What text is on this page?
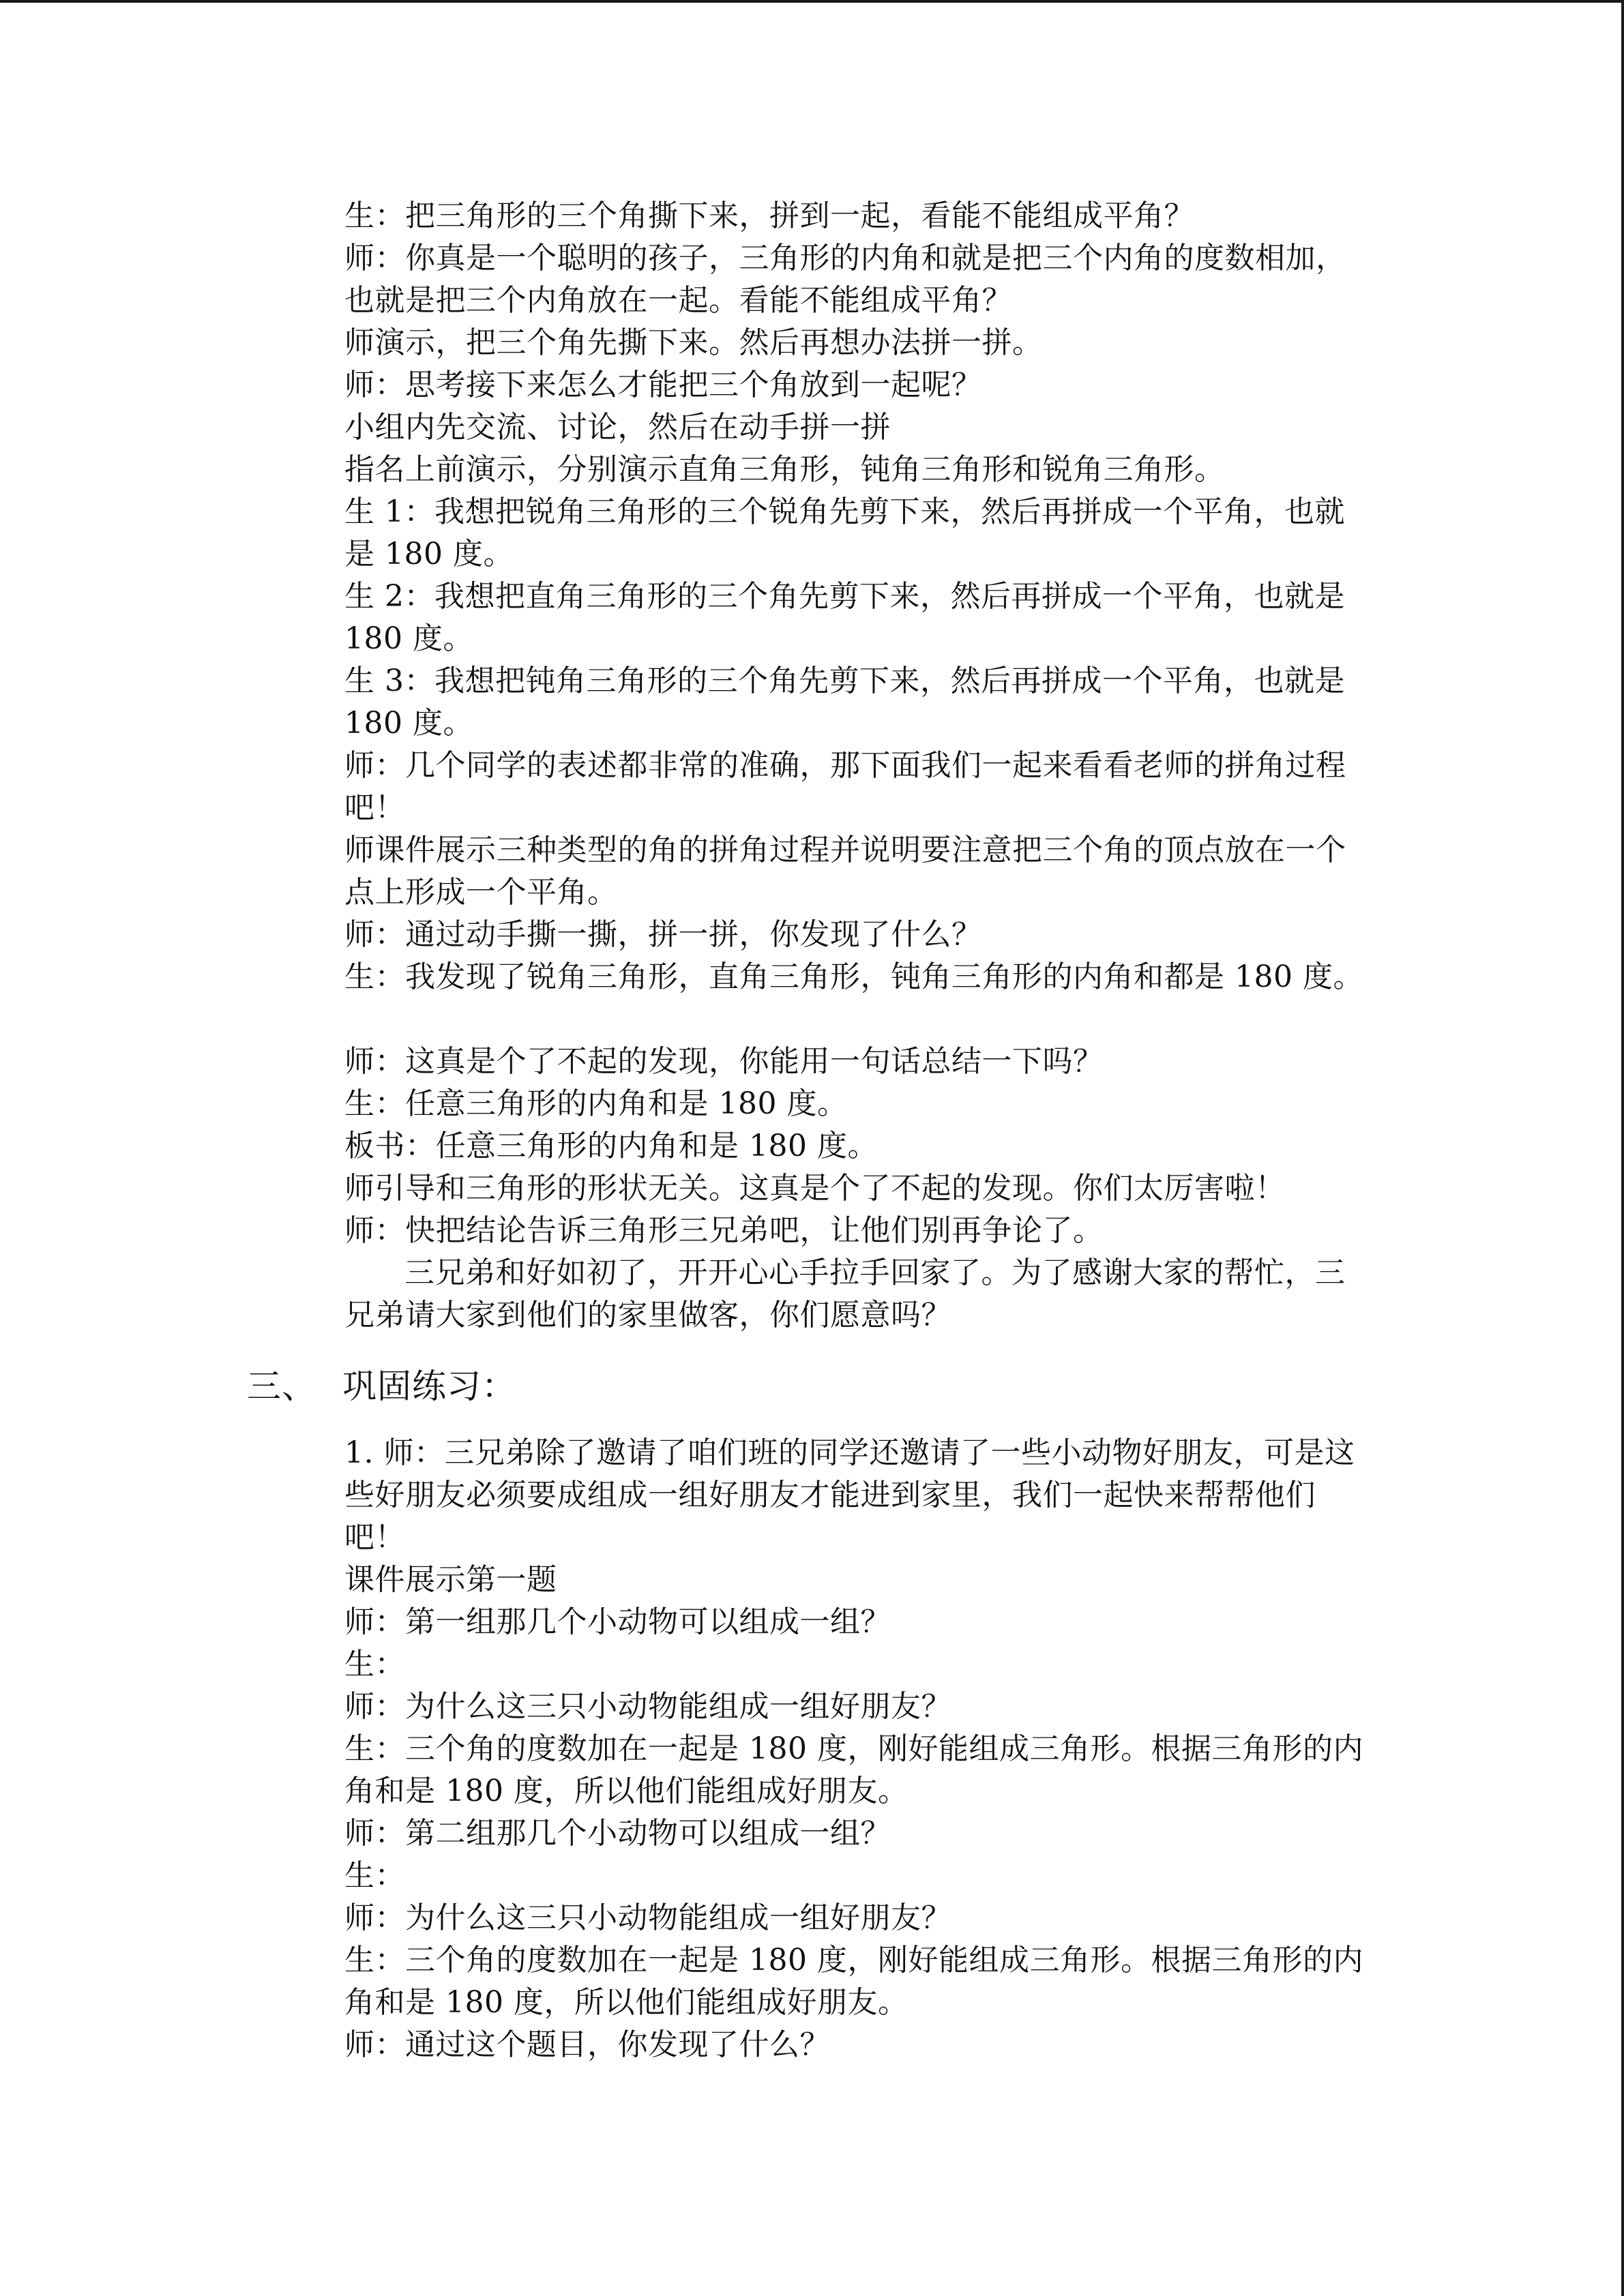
生：把三角形的三个角撕下来，拼到一起，看能不能组成平角？
师：你真是一个聪明的孩子，三角形的内角和就是把三个内角的度数相加，也就是把三个内角放在一起。看能不能组成平角？
师演示，把三个角先撕下来。然后再想办法拼一拼。
师：思考接下来怎么才能把三个角放到一起呢？
小组内先交流、讨论，然后在动手拼一拼
指名上前演示，分别演示直角三角形，钝角三角形和锐角三角形。
生 1：我想把锐角三角形的三个锐角先剪下来，然后再拼成一个平角，也就是 180 度。
生 2：我想把直角三角形的三个角先剪下来，然后再拼成一个平角，也就是 180 度。
生 3：我想把钝角三角形的三个角先剪下来，然后再拼成一个平角，也就是 180 度。
师：几个同学的表述都非常的准确，那下面我们一起来看看老师的拼角过程吧！
师课件展示三种类型的角的拼角过程并说明要注意把三个角的顶点放在一个点上形成一个平角。
师：通过动手撕一撕，拼一拼，你发现了什么？
生：我发现了锐角三角形，直角三角形，钝角三角形的内角和都是 180 度。
师：这真是个了不起的发现，你能用一句话总结一下吗？
生：任意三角形的内角和是 180 度。
板书：任意三角形的内角和是 180 度。
师引导和三角形的形状无关。这真是个了不起的发现。你们太厉害啦！
师：快把结论告诉三角形三兄弟吧，让他们别再争论了。
三兄弟和好如初了，开开心心手拉手回家了。为了感谢大家的帮忙，三兄弟请大家到他们的家里做客，你们愿意吗？
三、 巩固练习：
1. 师：三兄弟除了邀请了咱们班的同学还邀请了一些小动物好朋友，可是这些好朋友必须要成组成一组好朋友才能进到家里，我们一起快来帮帮他们吧！
课件展示第一题
师：第一组那几个小动物可以组成一组？
生：
师：为什么这三只小动物能组成一组好朋友？
生：三个角的度数加在一起是 180 度，刚好能组成三角形。根据三角形的内角和是 180 度，所以他们能组成好朋友。
师：第二组那几个小动物可以组成一组？
生：
师：为什么这三只小动物能组成一组好朋友？
生：三个角的度数加在一起是 180 度，刚好能组成三角形。根据三角形的内角和是 180 度，所以他们能组成好朋友。
师：通过这个题目，你发现了什么？
